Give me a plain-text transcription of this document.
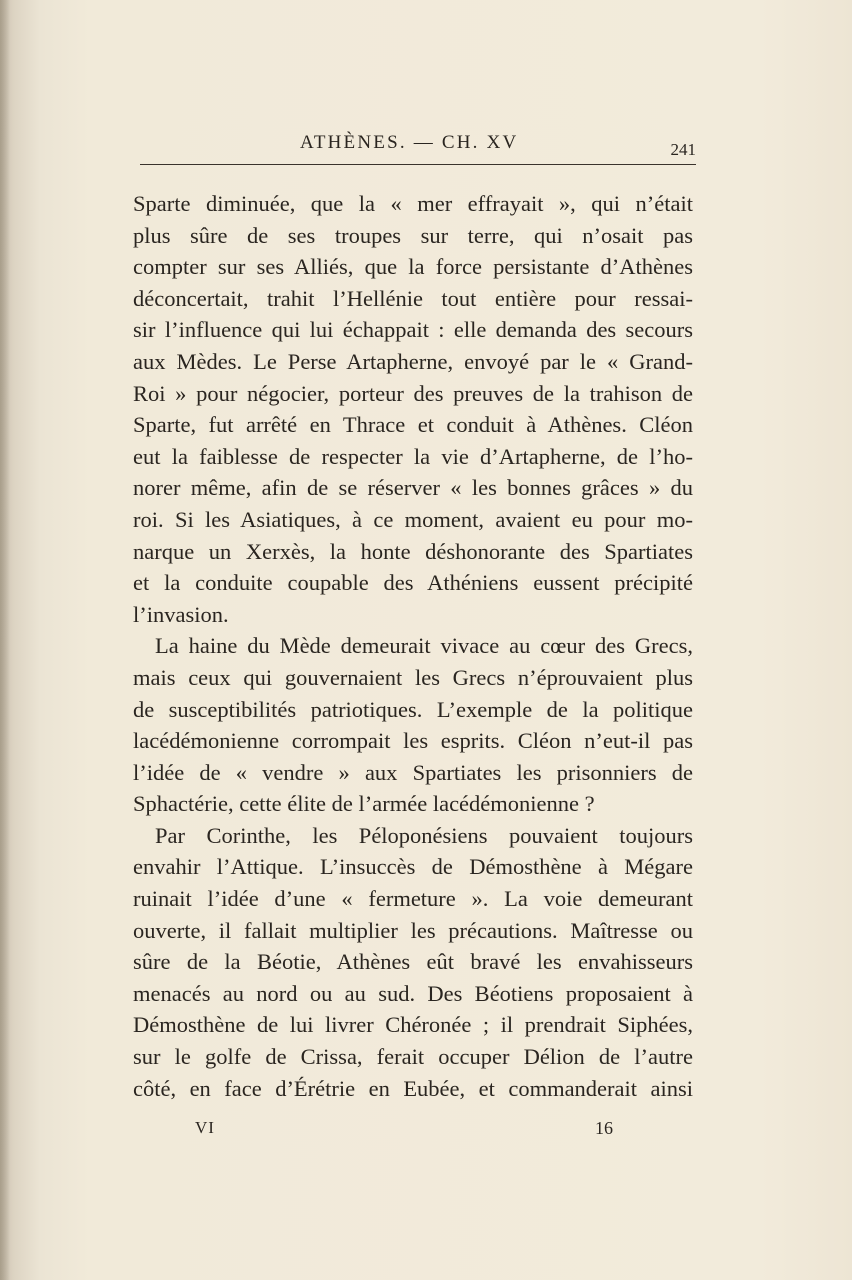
ATHÈNES. — CH. XV	241
Sparte diminuée, que la « mer effrayait », qui n’était
plus sûre de ses troupes sur terre, qui n’osait pas
compter sur ses Alliés, que la force persistante d’Athènes
déconcertait, trahit l’Hellénie tout entière pour ressai-
sir l’influence qui lui échappait : elle demanda des secours
aux Mèdes. Le Perse Artapherne, envoyé par le « Grand-
Roi » pour négocier, porteur des preuves de la trahison de
Sparte, fut arrêté en Thrace et conduit à Athènes. Cléon
eut la faiblesse de respecter la vie d’Artapherne, de l’ho-
norer même, afin de se réserver « les bonnes grâces » du
roi. Si les Asiatiques, à ce moment, avaient eu pour mo-
narque un Xerxès, la honte déshonorante des Spartiates
et la conduite coupable des Athéniens eussent précipité
l’invasion.
La haine du Mède demeurait vivace au cœur des Grecs,
mais ceux qui gouvernaient les Grecs n’éprouvaient plus
de susceptibilités patriotiques. L’exemple de la politique
lacédémonienne corrompait les esprits. Cléon n’eut-il pas
l’idée de « vendre » aux Spartiates les prisonniers de
Sphactérie, cette élite de l’armée lacédémonienne ?
Par Corinthe, les Péloponésiens pouvaient toujours
envahir l’Attique. L’insuccès de Démosthène à Mégare
ruinait l’idée d’une « fermeture ». La voie demeurant
ouverte, il fallait multiplier les précautions. Maîtresse ou
sûre de la Béotie, Athènes eût bravé les envahisseurs
menacés au nord ou au sud. Des Béotiens proposaient à
Démosthène de lui livrer Chéronée ; il prendrait Siphées,
sur le golfe de Crissa, ferait occuper Délion de l’autre
côté, en face d’Érétrie en Eubée, et commanderait ainsi
VI	16
